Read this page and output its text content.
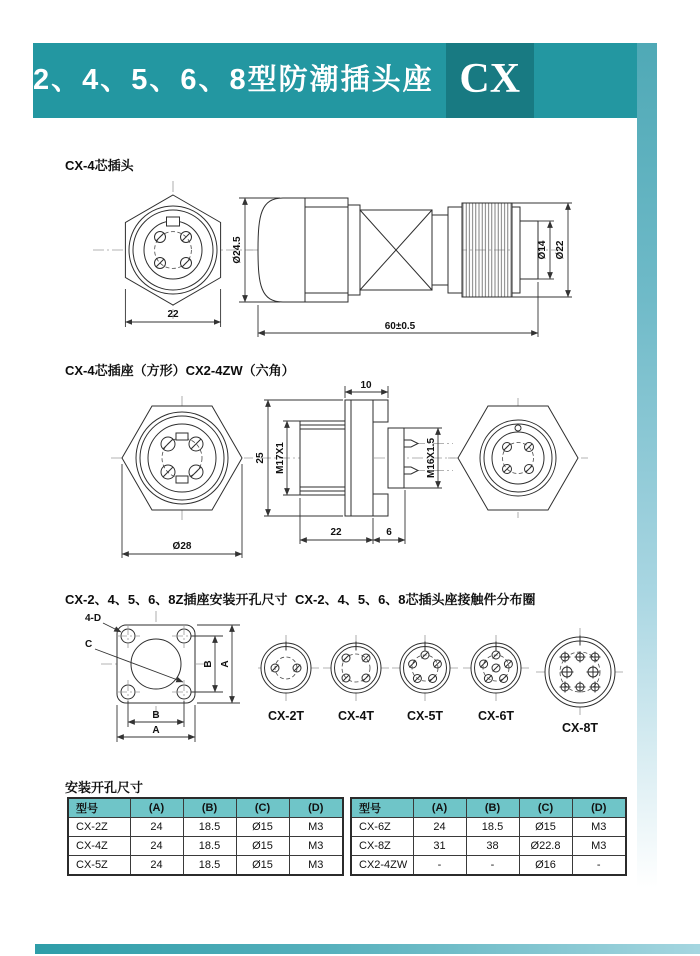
2、4、5、6、8型防潮插头座 CX
CX-4芯插头
22
Ø24.5	Ø14 Ø22
60±0.5
CX-4芯插座（方形）CX2-4ZW（六角）
Ø28
10
25 M17X1	M16X1.5
22	6
CX-2、4、5、6、8Z插座安装开孔尺寸 CX-2、4、5、6、8芯插头座接触件分布圈
4-D
C
B A
B
A
CX-2T	CX-4T	CX-5T	CX-6T
CX-8T
安装开孔尺寸
型号	(A)	(B)	(C)	(D)
CX-2Z	24	18.5	Ø15	M3
CX-4Z	24	18.5	Ø15	M3
CX-5Z	24	18.5	Ø15	M3
型号	(A)	(B)	(C)	(D)
CX-6Z	24	18.5	Ø15	M3
CX-8Z	31	38	Ø22.8	M3
CX2-4ZW	-	-	Ø16	-
